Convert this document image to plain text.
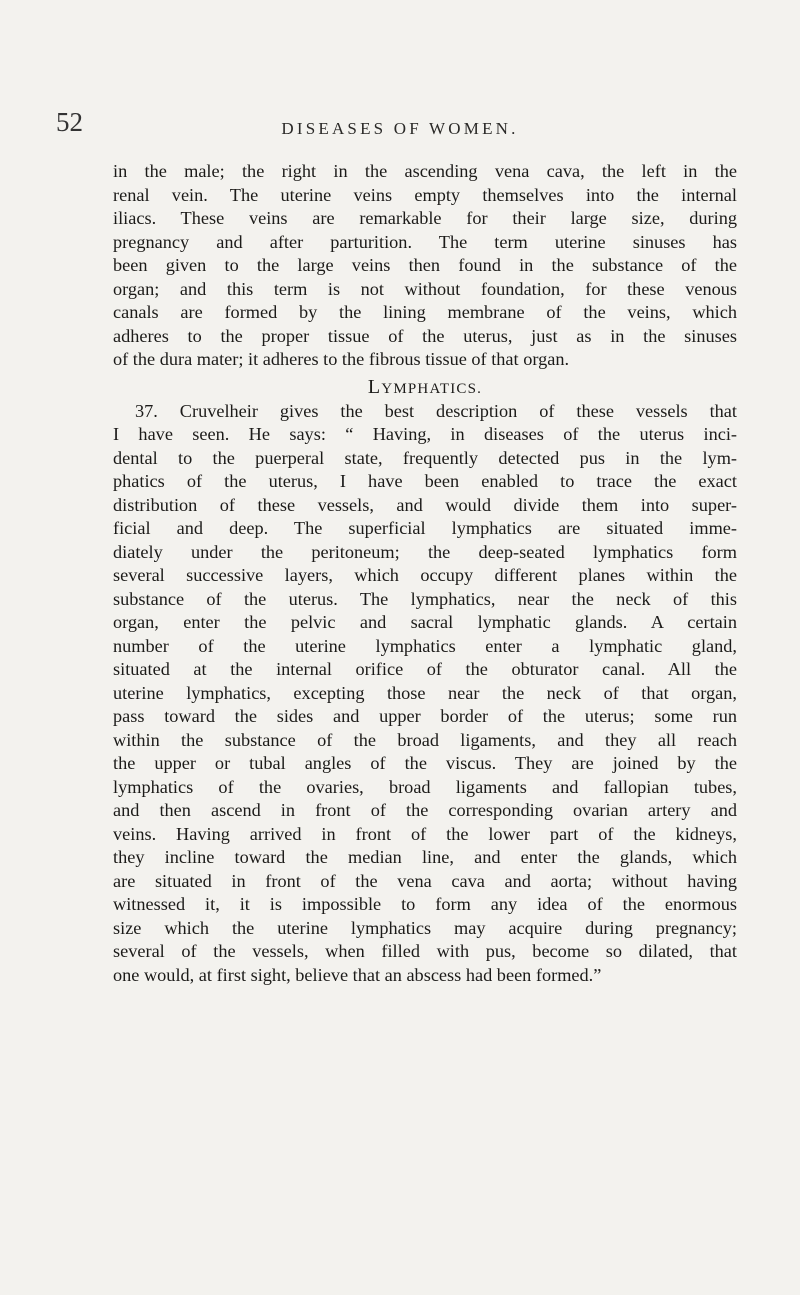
52	DISEASES OF WOMEN.
in the male; the right in the ascending vena cava, the left in the
renal vein. The uterine veins empty themselves into the internal
iliacs. These veins are remarkable for their large size, during
pregnancy and after parturition. The term uterine sinuses has
been given to the large veins then found in the substance of the
organ; and this term is not without foundation, for these venous
canals are formed by the lining membrane of the veins, which
adheres to the proper tissue of the uterus, just as in the sinuses
of the dura mater; it adheres to the fibrous tissue of that organ.
LYMPHATICS.
37. Cruvelheir gives the best description of these vessels that
I have seen. He says: “ Having, in diseases of the uterus inci-
dental to the puerperal state, frequently detected pus in the lym-
phatics of the uterus, I have been enabled to trace the exact
distribution of these vessels, and would divide them into super-
ficial and deep. The superficial lymphatics are situated imme-
diately under the peritoneum; the deep-seated lymphatics form
several successive layers, which occupy different planes within the
substance of the uterus. The lymphatics, near the neck of this
organ, enter the pelvic and sacral lymphatic glands. A certain
number of the uterine lymphatics enter a lymphatic gland,
situated at the internal orifice of the obturator canal. All the
uterine lymphatics, excepting those near the neck of that organ,
pass toward the sides and upper border of the uterus; some run
within the substance of the broad ligaments, and they all reach
the upper or tubal angles of the viscus. They are joined by the
lymphatics of the ovaries, broad ligaments and fallopian tubes,
and then ascend in front of the corresponding ovarian artery and
veins. Having arrived in front of the lower part of the kidneys,
they incline toward the median line, and enter the glands, which
are situated in front of the vena cava and aorta; without having
witnessed it, it is impossible to form any idea of the enormous
size which the uterine lymphatics may acquire during pregnancy;
several of the vessels, when filled with pus, become so dilated, that
one would, at first sight, believe that an abscess had been formed.”
